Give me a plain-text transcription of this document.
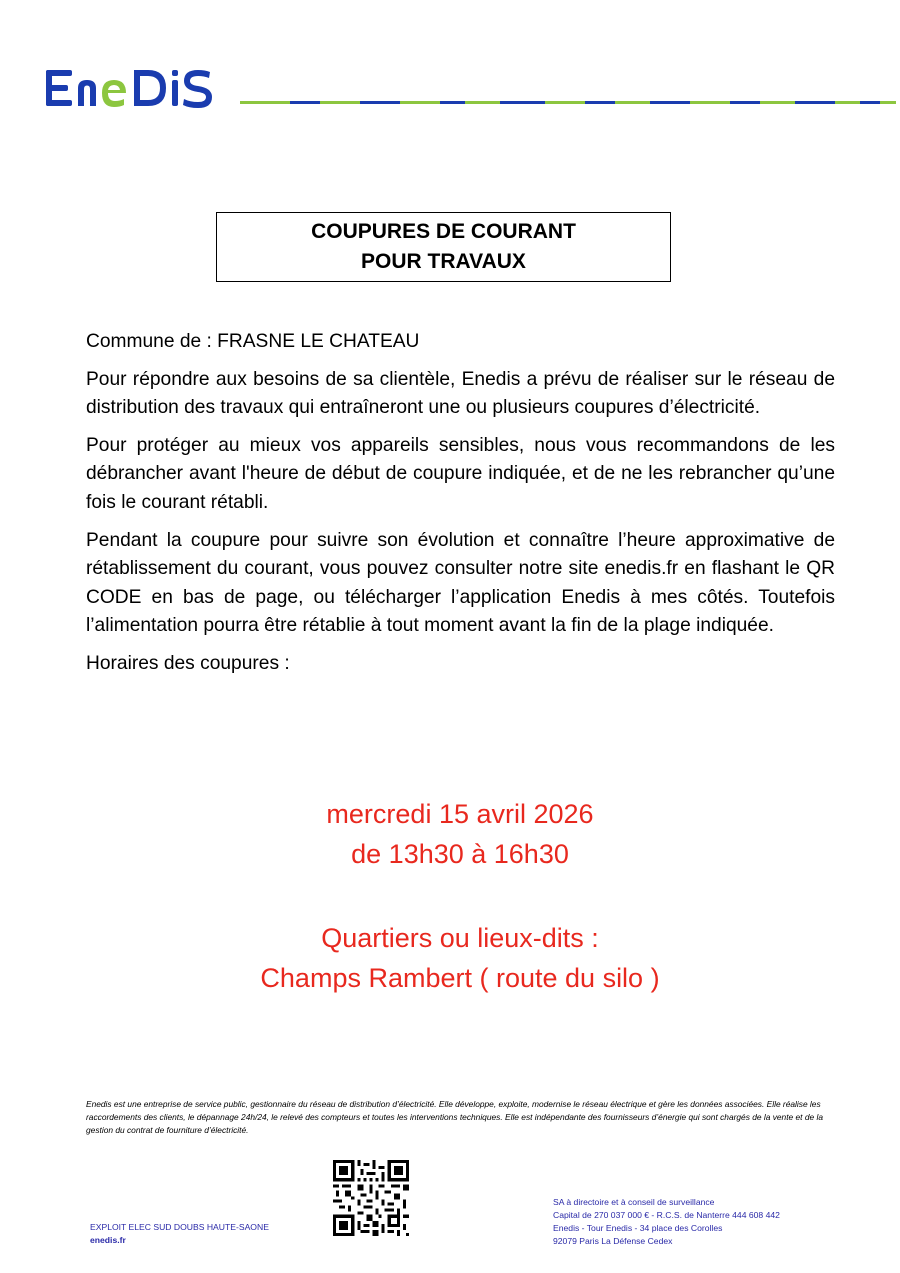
ENEDIS
COUPURES DE COURANT
POUR TRAVAUX

Commune de : FRASNE LE CHATEAU

Pour répondre aux besoins de sa clientèle, Enedis a prévu de réaliser sur le réseau de distribution des travaux qui entraîneront une ou plusieurs coupures d’électricité.

Pour protéger au mieux vos appareils sensibles, nous vous recommandons de les débrancher avant l'heure de début de coupure indiquée, et de ne les rebrancher qu’une fois le courant rétabli.

Pendant la coupure pour suivre son évolution et connaître l’heure approximative de rétablissement du courant, vous pouvez consulter notre site enedis.fr en flashant le QR CODE en bas de page, ou télécharger l’application Enedis à mes côtés. Toutefois l’alimentation pourra être rétablie à tout moment avant la fin de la plage indiquée.

Horaires des coupures :

mercredi 15 avril 2026
de 13h30 à 16h30
Quartiers ou lieux-dits :
Champs Rambert ( route du silo )
Enedis est une entreprise de service public, gestionnaire du réseau de distribution d’électricité. Elle développe, exploite, modernise le réseau électrique et gère les données associées. Elle réalise les raccordements des clients, le dépannage 24h/24, le relevé des compteurs et toutes les interventions techniques. Elle est indépendante des fournisseurs d’énergie qui sont chargés de la vente et de la gestion du contrat de fourniture d’électricité.
EXPLOIT ELEC SUD DOUBS HAUTE-SAONE
enedis.fr
SA à directoire et à conseil de surveillance
Capital de 270 037 000 € - R.C.S. de Nanterre 444 608 442
Enedis - Tour Enedis - 34 place des Corolles
92079 Paris La Défense Cedex
